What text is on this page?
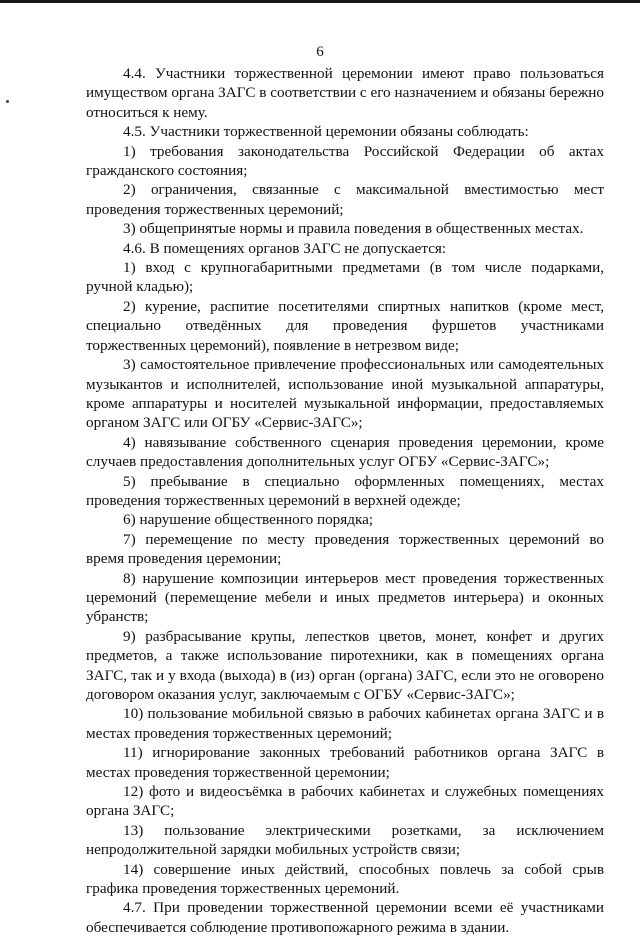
6

4.4. Участники торжественной церемонии имеют право пользоваться имуществом органа ЗАГС в соответствии с его назначением и обязаны бережно относиться к нему.

4.5. Участники торжественной церемонии обязаны соблюдать:

1) требования законодательства Российской Федерации об актах гражданского состояния;

2) ограничения, связанные с максимальной вместимостью мест проведения торжественных церемоний;

3) общепринятые нормы и правила поведения в общественных местах.

4.6. В помещениях органов ЗАГС не допускается:

1) вход с крупногабаритными предметами (в том числе подарками, ручной кладью);

2) курение, распитие посетителями спиртных напитков (кроме мест, специально отведённых для проведения фуршетов участниками торжественных церемоний), появление в нетрезвом виде;

3) самостоятельное привлечение профессиональных или самодеятельных музыкантов и исполнителей, использование иной музыкальной аппаратуры, кроме аппаратуры и носителей музыкальной информации, предоставляемых органом ЗАГС или ОГБУ «Сервис-ЗАГС»;

4) навязывание собственного сценария проведения церемонии, кроме случаев предоставления дополнительных услуг ОГБУ «Сервис-ЗАГС»;

5) пребывание в специально оформленных помещениях, местах проведения торжественных церемоний в верхней одежде;

6) нарушение общественного порядка;

7) перемещение по месту проведения торжественных церемоний во время проведения церемонии;

8) нарушение композиции интерьеров мест проведения торжественных церемоний (перемещение мебели и иных предметов интерьера) и оконных убранств;

9) разбрасывание крупы, лепестков цветов, монет, конфет и других предметов, а также использование пиротехники, как в помещениях органа ЗАГС, так и у входа (выхода) в (из) орган (органа) ЗАГС, если это не оговорено договором оказания услуг, заключаемым с ОГБУ «Сервис-ЗАГС»;

10) пользование мобильной связью в рабочих кабинетах органа ЗАГС и в местах проведения торжественных церемоний;

11) игнорирование законных требований работников органа ЗАГС в местах проведения торжественной церемонии;

12) фото и видеосъёмка в рабочих кабинетах и служебных помещениях органа ЗАГС;

13) пользование электрическими розетками, за исключением непродолжительной зарядки мобильных устройств связи;

14) совершение иных действий, способных повлечь за собой срыв графика проведения торжественных церемоний.

4.7. При проведении торжественной церемонии всеми её участниками обеспечивается соблюдение противопожарного режима в здании.
